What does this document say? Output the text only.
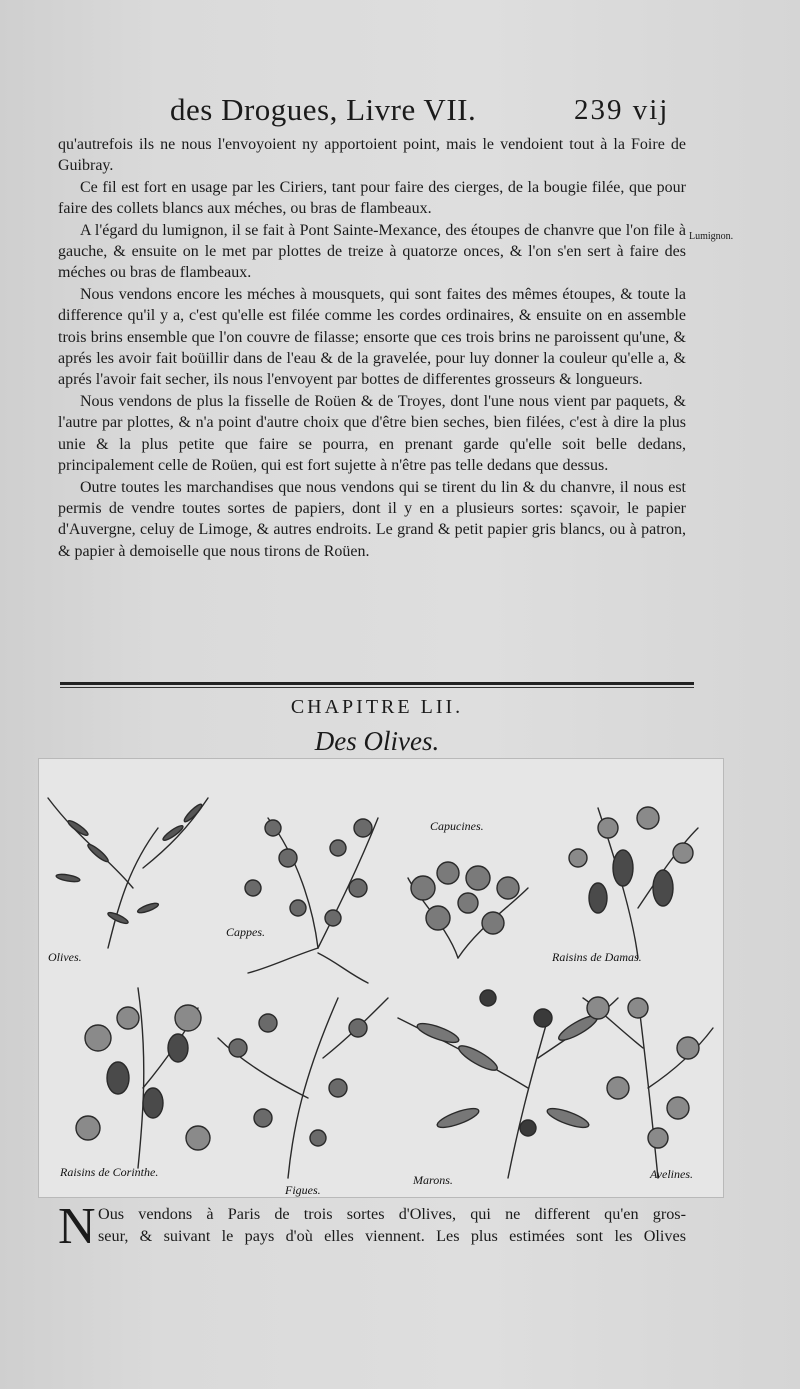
des Drogues, Livre VII.	239 vij

qu'autrefois ils ne nous l'envoyoient ny apportoient point, mais le vendoient tout à la Foire de Guibray.

Ce fil est fort en usage par les Ciriers, tant pour faire des cierges, de la bougie filée, que pour faire des collets blancs aux méches, ou bras de flambeaux.

A l'égard du lumignon, il se fait à Pont Sainte-Mexance, des étoupes de chanvre que l'on file à gauche, & ensuite on le met par plottes de treize à quatorze onces, & l'on s'en sert à faire des méches ou bras de flambeaux.

Nous vendons encore les méches à mousquets, qui sont faites des mêmes étoupes, & toute la difference qu'il y a, c'est qu'elle est filée comme les cordes ordinaires, & ensuite on en assemble trois brins ensemble que l'on couvre de filasse; ensorte que ces trois brins ne paroissent qu'une, & aprés les avoir fait boüillir dans de l'eau & de la gravelée, pour luy donner la couleur qu'elle a, & aprés l'avoir fait secher, ils nous l'envoyent par bottes de differentes grosseurs & longueurs.

Nous vendons de plus la fisselle de Roüen & de Troyes, dont l'une nous vient par paquets, & l'autre par plottes, & n'a point d'autre choix que d'être bien seches, bien filées, c'est à dire la plus unie & la plus petite que faire se pourra, en prenant garde qu'elle soit belle dedans, principalement celle de Roüen, qui est fort sujette à n'être pas telle dedans que dessus.

Outre toutes les marchandises que nous vendons qui se tirent du lin & du chanvre, il nous est permis de vendre toutes sortes de papiers, dont il y en a plusieurs sortes: sçavoir, le papier d'Auvergne, celuy de Limoge, & autres endroits. Le grand & petit papier gris blancs, ou à patron, & papier à demoiselle que nous tirons de Roüen.

Lumignon.
CHAPITRE LII.
Des Olives.
Olives.
Cappes.
Capucines.
Raisins de Damas.
Raisins de Corinthe.
Figues.
Marons.	Avelines.
N Ous vendons à Paris de trois sortes d'Olives, qui ne different qu'en gros-
seur, & suivant le pays d'où elles viennent. Les plus estimées sont les Olives
